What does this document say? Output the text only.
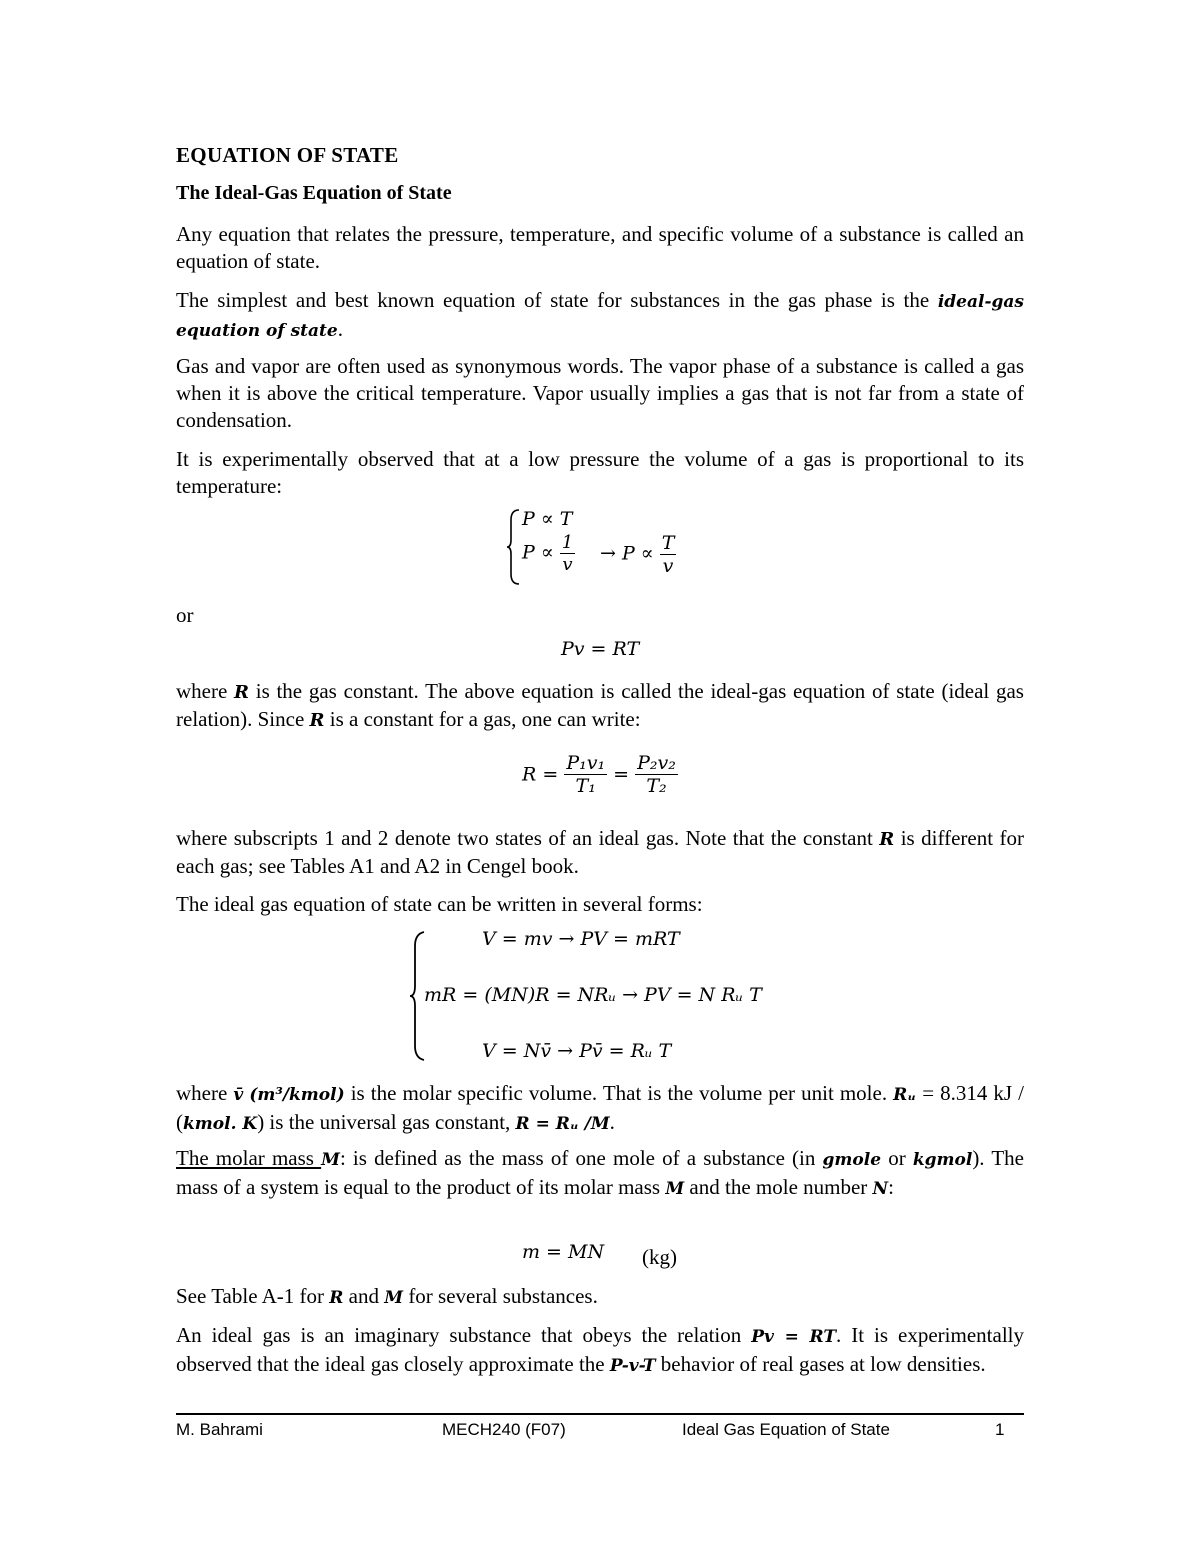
EQUATION OF STATE
The Ideal-Gas Equation of State
Any equation that relates the pressure, temperature, and specific volume of a substance is called an equation of state.
The simplest and best known equation of state for substances in the gas phase is the ideal-gas equation of state.
Gas and vapor are often used as synonymous words. The vapor phase of a substance is called a gas when it is above the critical temperature. Vapor usually implies a gas that is not far from a state of condensation.
It is experimentally observed that at a low pressure the volume of a gas is proportional to its temperature:
P ∝ T
$P \propto \frac{1}{v} \to P \propto \frac{T}{v}$
or
Pv = RT
where R is the gas constant. The above equation is called the ideal-gas equation of state (ideal gas relation). Since R is a constant for a gas, one can write:
$R = \frac{\text{P₁v₁}}{\text{T₁}} = \frac{\text{P₂v₂}}{\text{T₂}}$
where subscripts 1 and 2 denote two states of an ideal gas. Note that the constant R is different for each gas; see Tables A1 and A2 in Cengel book.
The ideal gas equation of state can be written in several forms:
V = mv → PV = mRT
mR = (MN)R = NRᵤ → PV = N Rᵤ T
V = Nv̄ → Pv̄ = Rᵤ T
where v̄ (m³/kmol) is the molar specific volume. That is the volume per unit mole. Rᵤ = 8.314 kJ / (kmol. K) is the universal gas constant, R = Rᵤ /M.
The molar mass M: is defined as the mass of one mole of a substance (in gmole or kgmol). The mass of a system is equal to the product of its molar mass M and the mole number N:
m = MN (kg)
See Table A-1 for R and M for several substances.
An ideal gas is an imaginary substance that obeys the relation Pv = RT. It is experimentally observed that the ideal gas closely approximate the P-v-T behavior of real gases at low densities.
M. Bahrami	MECH240 (F07)	Ideal Gas Equation of State	1
